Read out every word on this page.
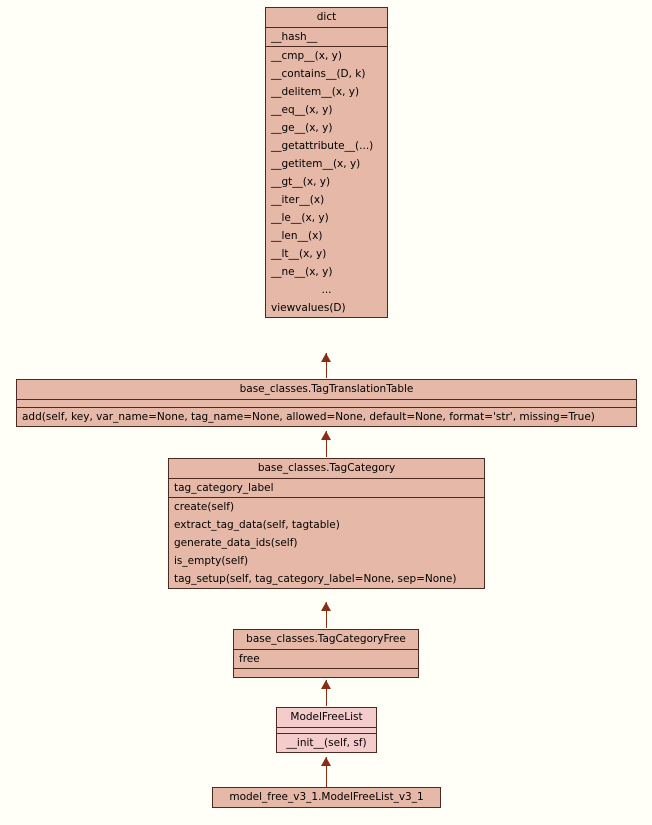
dict
__hash__
__cmp__(x, y)
__contains__(D, k)
__delitem__(x, y)
__eq__(x, y)
__ge__(x, y)
__getattribute__(...)
__getitem__(x, y)
__gt__(x, y)
__iter__(x)
__le__(x, y)
__len__(x)
__lt__(x, y)
__ne__(x, y)
...
viewvalues(D)
base_classes.TagTranslationTable
add(self, key, var_name=None, tag_name=None, allowed=None, default=None, format='str', missing=True)
base_classes.TagCategory
tag_category_label
create(self)
extract_tag_data(self, tagtable)
generate_data_ids(self)
is_empty(self)
tag_setup(self, tag_category_label=None, sep=None)
base_classes.TagCategoryFree
free
ModelFreeList
__init__(self, sf)
model_free_v3_1.ModelFreeList_v3_1
